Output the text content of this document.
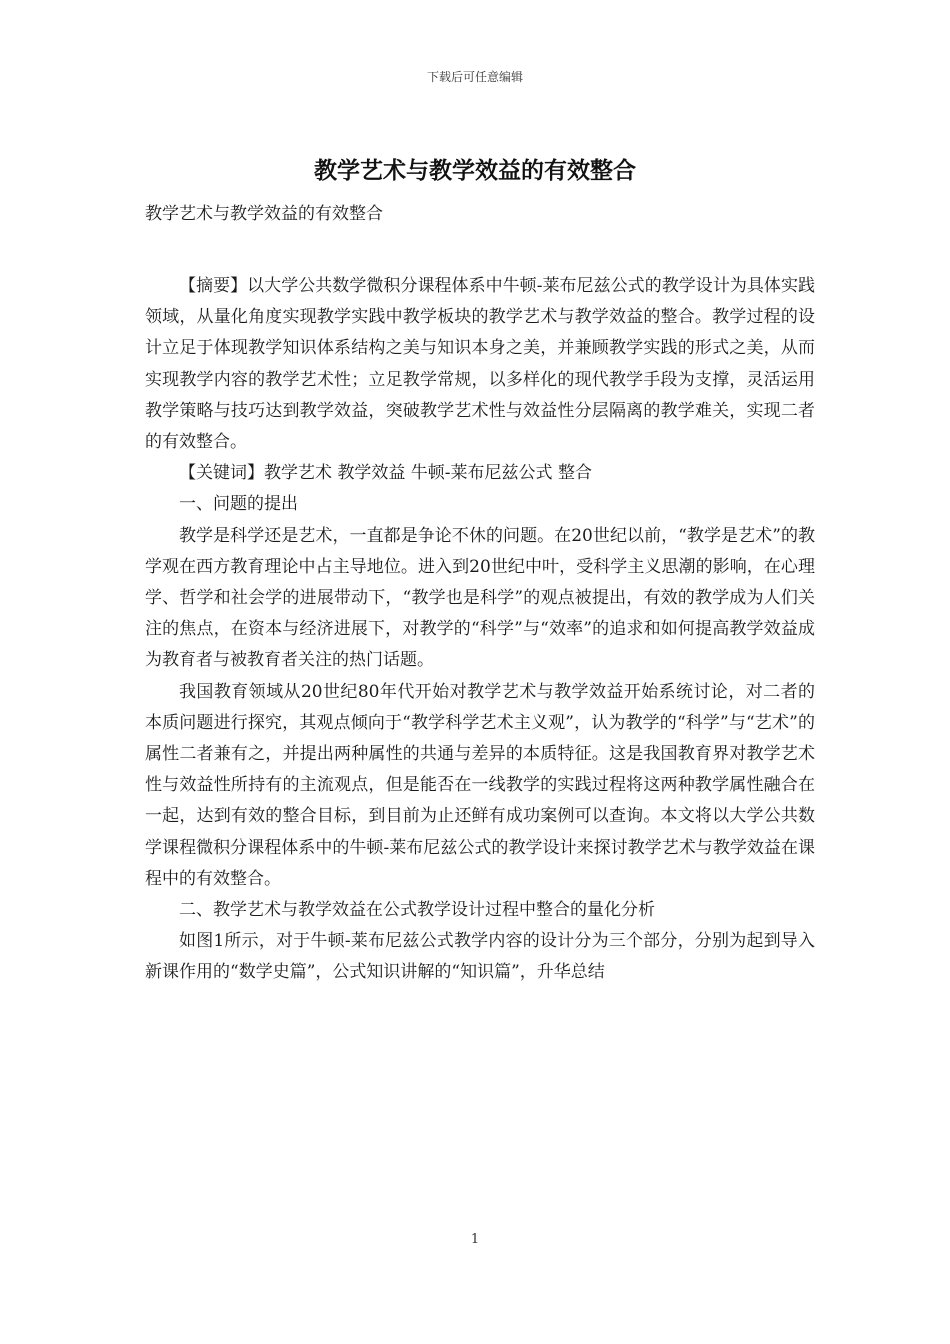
下载后可任意编辑
教学艺术与教学效益的有效整合
教学艺术与教学效益的有效整合

【摘要】以大学公共数学微积分课程体系中牛顿-莱布尼兹公式的教学设计为具体实践领域，从量化角度实现教学实践中教学板块的教学艺术与教学效益的整合。教学过程的设计立足于体现教学知识体系结构之美与知识本身之美，并兼顾教学实践的形式之美，从而实现教学内容的教学艺术性；立足教学常规，以多样化的现代教学手段为支撑，灵活运用教学策略与技巧达到教学效益，突破教学艺术性与效益性分层隔离的教学难关，实现二者的有效整合。

【关键词】教学艺术 教学效益 牛顿-莱布尼兹公式 整合

一、问题的提出

教学是科学还是艺术，一直都是争论不休的问题。在20世纪以前，“教学是艺术”的教学观在西方教育理论中占主导地位。进入到20世纪中叶，受科学主义思潮的影响，在心理学、哲学和社会学的进展带动下，“教学也是科学”的观点被提出，有效的教学成为人们关注的焦点，在资本与经济进展下，对教学的“科学”与“效率”的追求和如何提高教学效益成为教育者与被教育者关注的热门话题。

我国教育领域从20世纪80年代开始对教学艺术与教学效益开始系统讨论，对二者的本质问题进行探究，其观点倾向于“教学科学艺术主义观”，认为教学的“科学”与“艺术”的属性二者兼有之，并提出两种属性的共通与差异的本质特征。这是我国教育界对教学艺术性与效益性所持有的主流观点，但是能否在一线教学的实践过程将这两种教学属性融合在一起，达到有效的整合目标，到目前为止还鲜有成功案例可以查询。本文将以大学公共数学课程微积分课程体系中的牛顿-莱布尼兹公式的教学设计来探讨教学艺术与教学效益在课程中的有效整合。

二、教学艺术与教学效益在公式教学设计过程中整合的量化分析

如图1所示，对于牛顿-莱布尼兹公式教学内容的设计分为三个部分，分别为起到导入新课作用的“数学史篇”，公式知识讲解的“知识篇”，升华总结

1
